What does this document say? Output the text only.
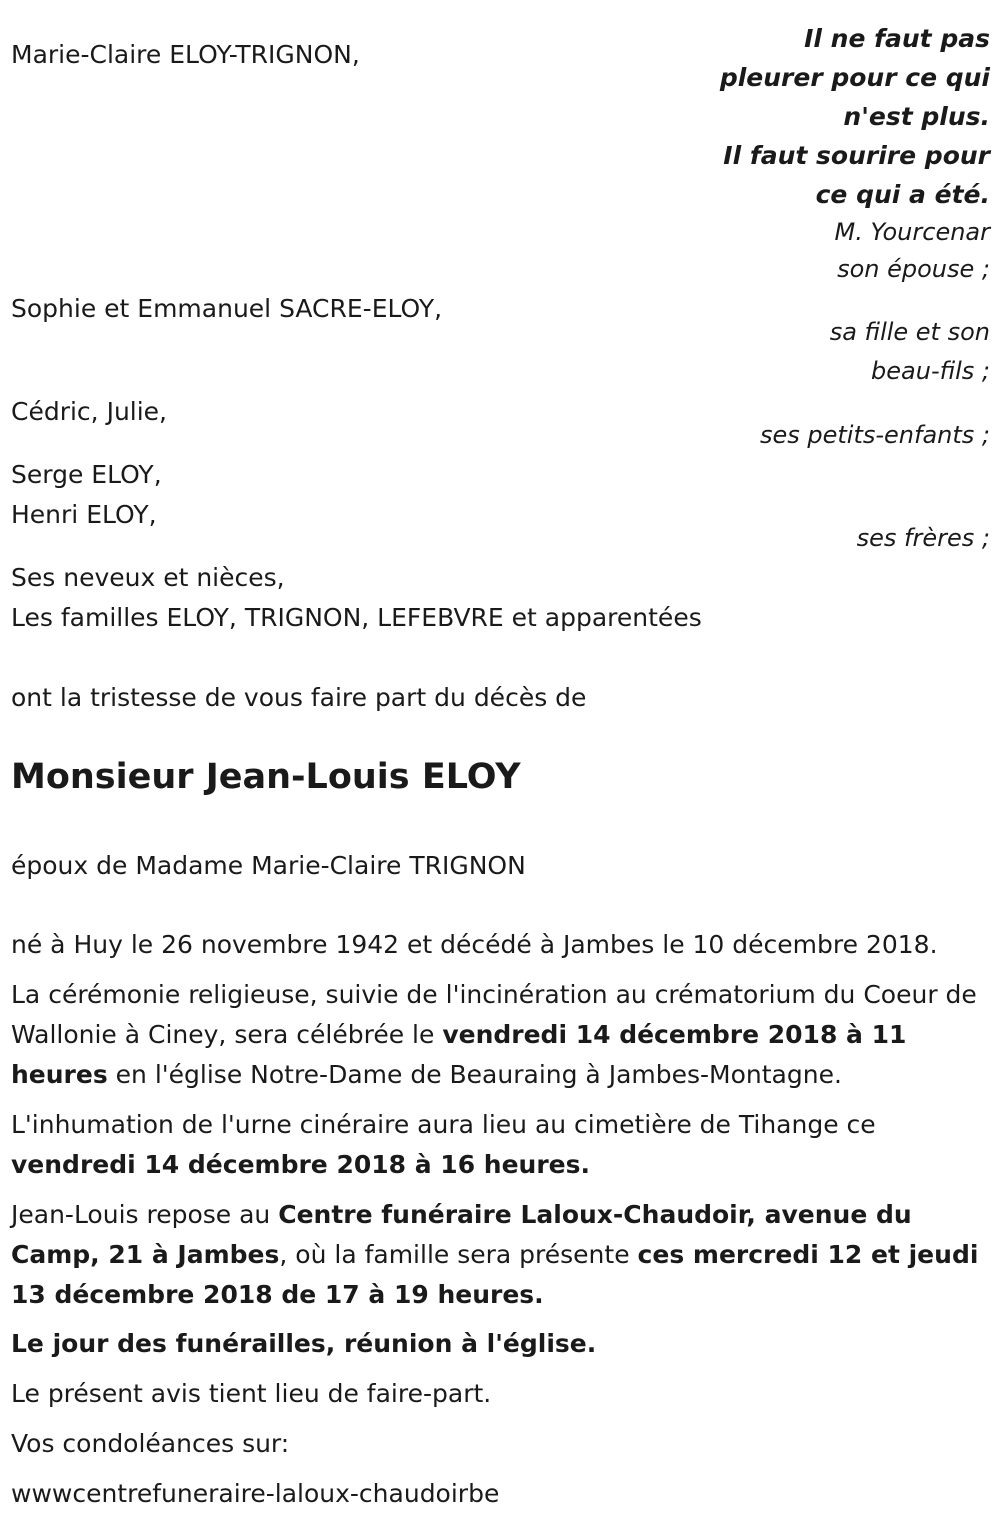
Il ne faut pas
pleurer pour ce qui
n'est plus.
Il faut sourire pour
ce qui a été.
M. Yourcenar
Marie-Claire ELOY-TRIGNON,
son épouse ;
Sophie et Emmanuel SACRE-ELOY,
sa fille et son
beau-fils ;
Cédric, Julie,
ses petits-enfants ;
Serge ELOY,
Henri ELOY,
ses frères ;
Ses neveux et nièces,
Les familles ELOY, TRIGNON, LEFEBVRE et apparentées
ont la tristesse de vous faire part du décès de
Monsieur Jean-Louis ELOY
époux de Madame Marie-Claire TRIGNON
né à Huy le 26 novembre 1942 et décédé à Jambes le 10 décembre 2018.
La cérémonie religieuse, suivie de l'incinération au crématorium du Coeur de Wallonie à Ciney, sera célébrée le vendredi 14 décembre 2018 à 11 heures en l'église Notre-Dame de Beauraing à Jambes-Montagne.
L'inhumation de l'urne cinéraire aura lieu au cimetière de Tihange ce vendredi 14 décembre 2018 à 16 heures.
Jean-Louis repose au Centre funéraire Laloux-Chaudoir, avenue du Camp, 21 à Jambes, où la famille sera présente ces mercredi 12 et jeudi 13 décembre 2018 de 17 à 19 heures.
Le jour des funérailles, réunion à l'église.
Le présent avis tient lieu de faire-part.
Vos condoléances sur:
wwwcentrefuneraire-laloux-chaudoirbe
